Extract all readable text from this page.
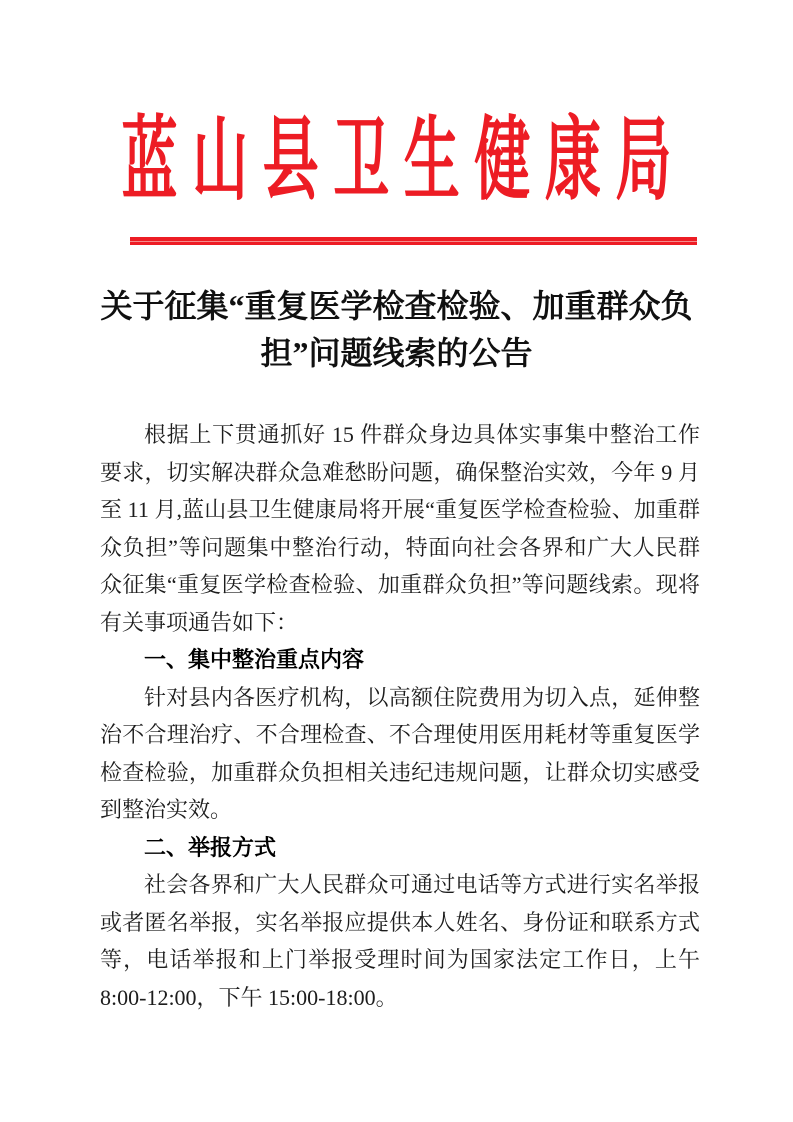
蓝山县卫生健康局
关于征集“重复医学检查检验、加重群众负担”问题线索的公告

根据上下贯通抓好 15 件群众身边具体实事集中整治工作要求，切实解决群众急难愁盼问题，确保整治实效，今年 9 月至 11 月,蓝山县卫生健康局将开展“重复医学检查检验、加重群众负担”等问题集中整治行动，特面向社会各界和广大人民群众征集“重复医学检查检验、加重群众负担”等问题线索。现将有关事项通告如下：

一、集中整治重点内容

针对县内各医疗机构，以高额住院费用为切入点，延伸整治不合理治疗、不合理检查、不合理使用医用耗材等重复医学检查检验，加重群众负担相关违纪违规问题，让群众切实感受到整治实效。

二、举报方式

社会各界和广大人民群众可通过电话等方式进行实名举报或者匿名举报，实名举报应提供本人姓名、身份证和联系方式等，电话举报和上门举报受理时间为国家法定工作日，上午 8:00-12:00，下午 15:00-18:00。
